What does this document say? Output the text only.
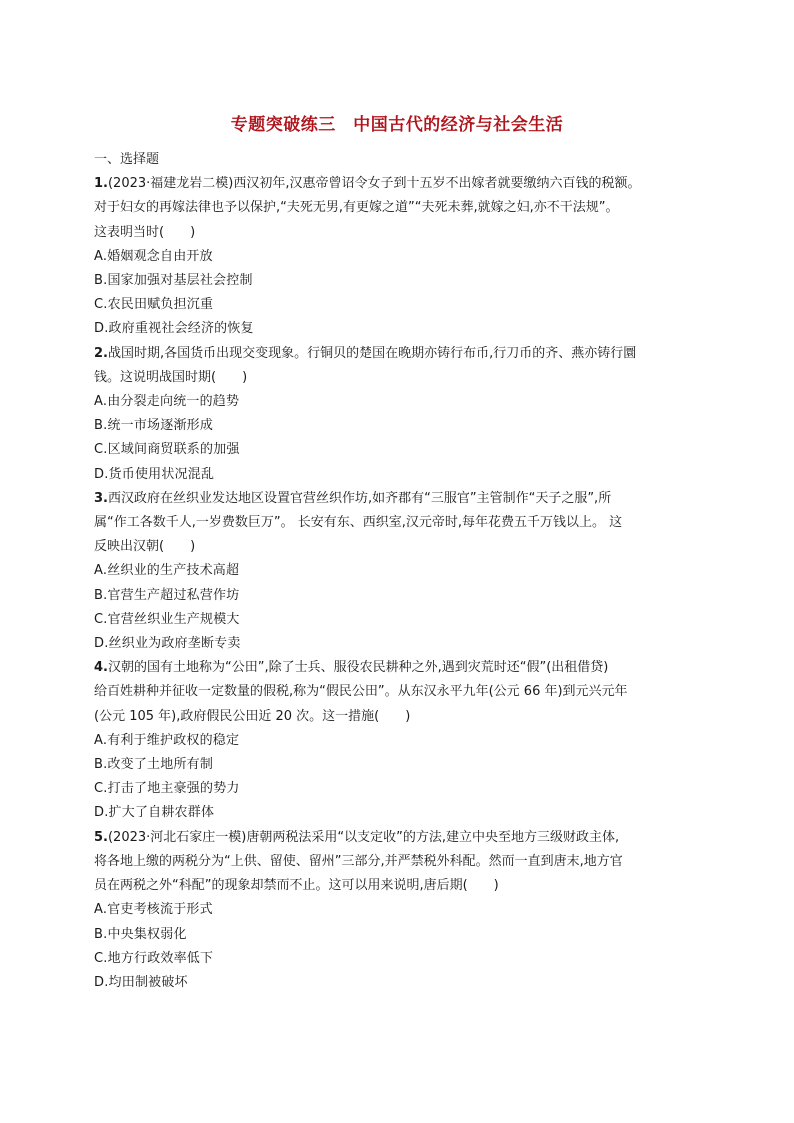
专题突破练三　中国古代的经济与社会生活
一、选择题
1.(2023·福建龙岩二模)西汉初年,汉惠帝曾诏令女子到十五岁不出嫁者就要缴纳六百钱的税额。
对于妇女的再嫁法律也予以保护,“夫死无男,有更嫁之道”“夫死未葬,就嫁之妇,亦不干法规”。
这表明当时(　　)
A.婚姻观念自由开放
B.国家加强对基层社会控制
C.农民田赋负担沉重
D.政府重视社会经济的恢复
2.战国时期,各国货币出现交变现象。行铜贝的楚国在晚期亦铸行布币,行刀币的齐、燕亦铸行圜
钱。这说明战国时期(　　)
A.由分裂走向统一的趋势
B.统一市场逐渐形成
C.区域间商贸联系的加强
D.货币使用状况混乱
3.西汉政府在丝织业发达地区设置官营丝织作坊,如齐郡有“三服官”主管制作“天子之服”,所
属“作工各数千人,一岁费数巨万”。 长安有东、西织室,汉元帝时,每年花费五千万钱以上。 这
反映出汉朝(　　)
A.丝织业的生产技术高超
B.官营生产超过私营作坊
C.官营丝织业生产规模大
D.丝织业为政府垄断专卖
4.汉朝的国有土地称为“公田”,除了士兵、服役农民耕种之外,遇到灾荒时还“假”(出租借贷)
给百姓耕种并征收一定数量的假税,称为“假民公田”。从东汉永平九年(公元 66 年)到元兴元年
(公元 105 年),政府假民公田近 20 次。这一措施(　　)
A.有利于维护政权的稳定
B.改变了土地所有制
C.打击了地主豪强的势力
D.扩大了自耕农群体
5.(2023·河北石家庄一模)唐朝两税法采用“以支定收”的方法,建立中央至地方三级财政主体,
将各地上缴的两税分为“上供、留使、留州”三部分,并严禁税外科配。然而一直到唐末,地方官
员在两税之外“科配”的现象却禁而不止。这可以用来说明,唐后期(　　)
A.官吏考核流于形式
B.中央集权弱化
C.地方行政效率低下
D.均田制被破坏
